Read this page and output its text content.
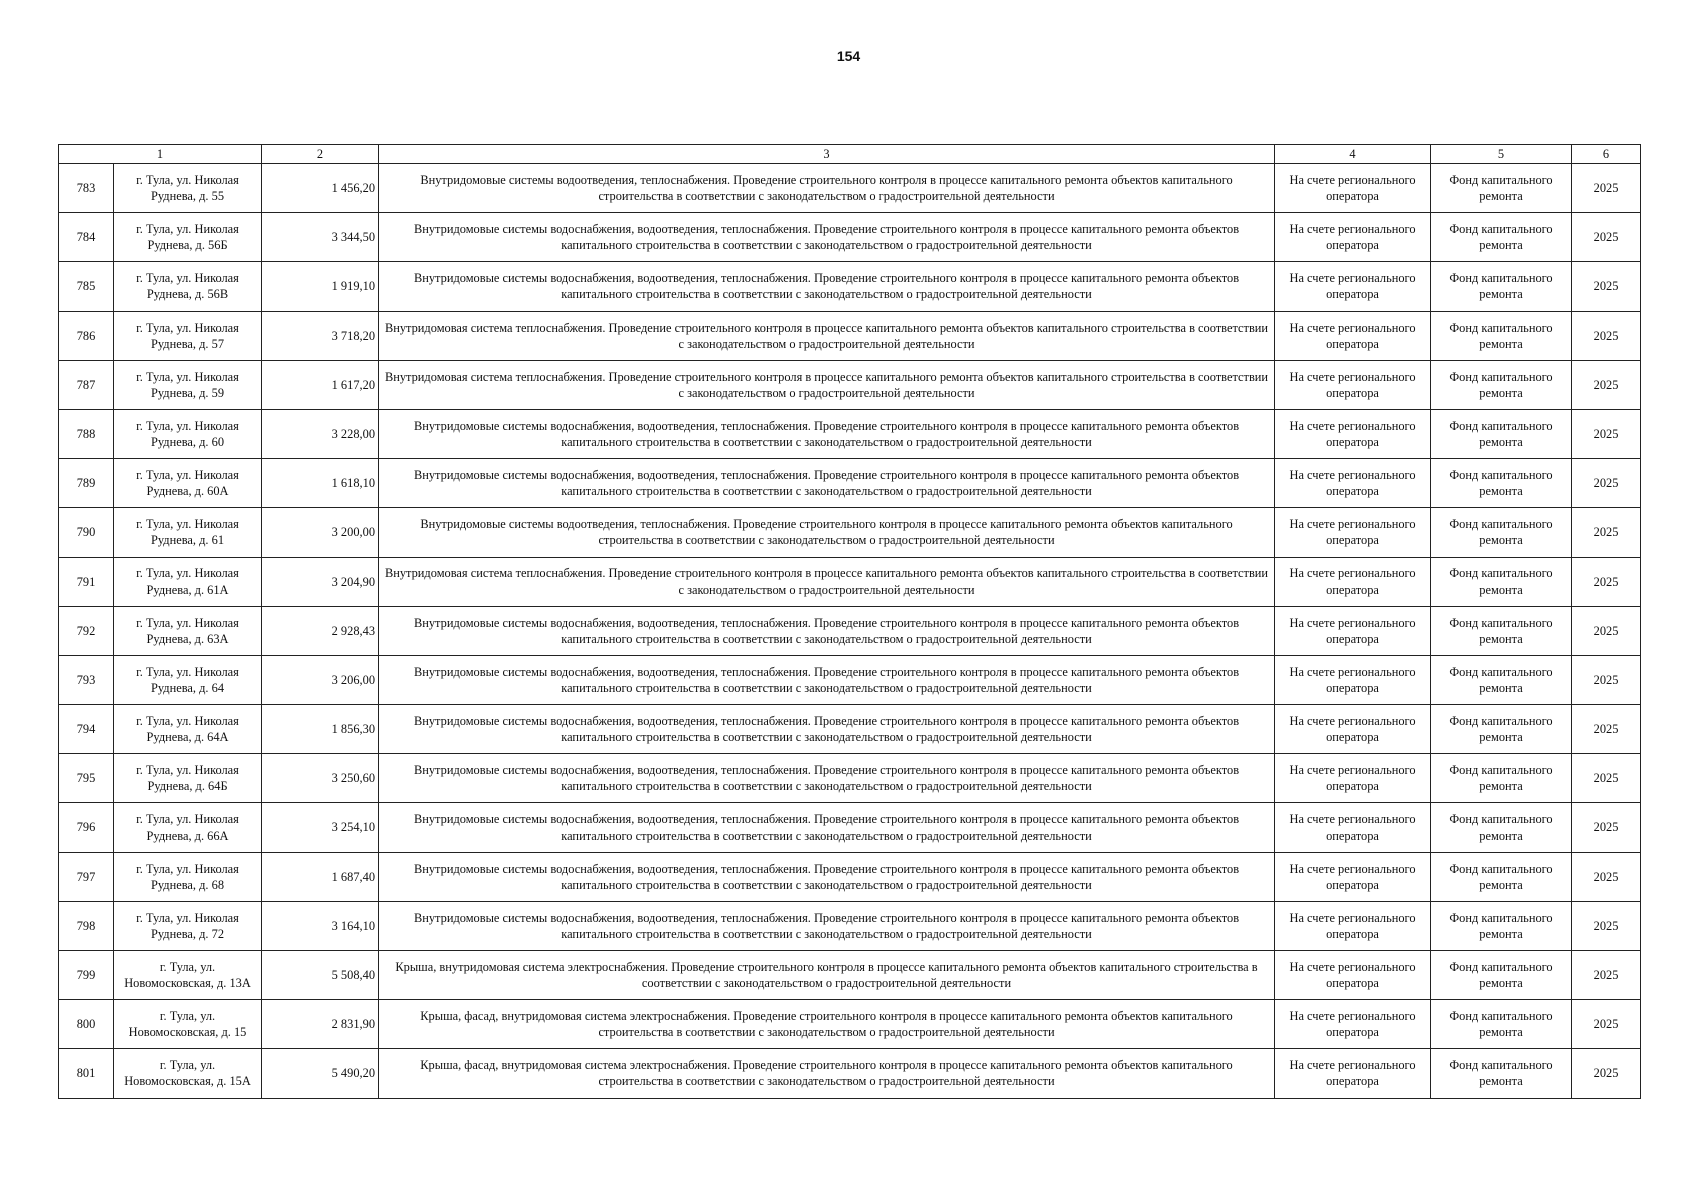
154
1		2	3	4	5	6
783	г. Тула, ул. Николая Руднева, д. 55	1 456,20	Внутридомовые системы водоотведения, теплоснабжения. Проведение строительного контроля в процессе капитального ремонта объектов капитального строительства в соответствии с законодательством о градостроительной деятельности	На счете регионального оператора	Фонд капитального ремонта	2025
784	г. Тула, ул. Николая Руднева, д. 56Б	3 344,50	Внутридомовые системы водоснабжения, водоотведения, теплоснабжения. Проведение строительного контроля в процессе капитального ремонта объектов капитального строительства в соответствии с законодательством о градостроительной деятельности	На счете регионального оператора	Фонд капитального ремонта	2025
785	г. Тула, ул. Николая Руднева, д. 56В	1 919,10	Внутридомовые системы водоснабжения, водоотведения, теплоснабжения. Проведение строительного контроля в процессе капитального ремонта объектов капитального строительства в соответствии с законодательством о градостроительной деятельности	На счете регионального оператора	Фонд капитального ремонта	2025
786	г. Тула, ул. Николая Руднева, д. 57	3 718,20	Внутридомовая система теплоснабжения. Проведение строительного контроля в процессе капитального ремонта объектов капитального строительства в соответствии с законодательством о градостроительной деятельности	На счете регионального оператора	Фонд капитального ремонта	2025
787	г. Тула, ул. Николая Руднева, д. 59	1 617,20	Внутридомовая система теплоснабжения. Проведение строительного контроля в процессе капитального ремонта объектов капитального строительства в соответствии с законодательством о градостроительной деятельности	На счете регионального оператора	Фонд капитального ремонта	2025
788	г. Тула, ул. Николая Руднева, д. 60	3 228,00	Внутридомовые системы водоснабжения, водоотведения, теплоснабжения. Проведение строительного контроля в процессе капитального ремонта объектов капитального строительства в соответствии с законодательством о градостроительной деятельности	На счете регионального оператора	Фонд капитального ремонта	2025
789	г. Тула, ул. Николая Руднева, д. 60А	1 618,10	Внутридомовые системы водоснабжения, водоотведения, теплоснабжения. Проведение строительного контроля в процессе капитального ремонта объектов капитального строительства в соответствии с законодательством о градостроительной деятельности	На счете регионального оператора	Фонд капитального ремонта	2025
790	г. Тула, ул. Николая Руднева, д. 61	3 200,00	Внутридомовые системы водоотведения, теплоснабжения. Проведение строительного контроля в процессе капитального ремонта объектов капитального строительства в соответствии с законодательством о градостроительной деятельности	На счете регионального оператора	Фонд капитального ремонта	2025
791	г. Тула, ул. Николая Руднева, д. 61А	3 204,90	Внутридомовая система теплоснабжения. Проведение строительного контроля в процессе капитального ремонта объектов капитального строительства в соответствии с законодательством о градостроительной деятельности	На счете регионального оператора	Фонд капитального ремонта	2025
792	г. Тула, ул. Николая Руднева, д. 63А	2 928,43	Внутридомовые системы водоснабжения, водоотведения, теплоснабжения. Проведение строительного контроля в процессе капитального ремонта объектов капитального строительства в соответствии с законодательством о градостроительной деятельности	На счете регионального оператора	Фонд капитального ремонта	2025
793	г. Тула, ул. Николая Руднева, д. 64	3 206,00	Внутридомовые системы водоснабжения, водоотведения, теплоснабжения. Проведение строительного контроля в процессе капитального ремонта объектов капитального строительства в соответствии с законодательством о градостроительной деятельности	На счете регионального оператора	Фонд капитального ремонта	2025
794	г. Тула, ул. Николая Руднева, д. 64А	1 856,30	Внутридомовые системы водоснабжения, водоотведения, теплоснабжения. Проведение строительного контроля в процессе капитального ремонта объектов капитального строительства в соответствии с законодательством о градостроительной деятельности	На счете регионального оператора	Фонд капитального ремонта	2025
795	г. Тула, ул. Николая Руднева, д. 64Б	3 250,60	Внутридомовые системы водоснабжения, водоотведения, теплоснабжения. Проведение строительного контроля в процессе капитального ремонта объектов капитального строительства в соответствии с законодательством о градостроительной деятельности	На счете регионального оператора	Фонд капитального ремонта	2025
796	г. Тула, ул. Николая Руднева, д. 66А	3 254,10	Внутридомовые системы водоснабжения, водоотведения, теплоснабжения. Проведение строительного контроля в процессе капитального ремонта объектов капитального строительства в соответствии с законодательством о градостроительной деятельности	На счете регионального оператора	Фонд капитального ремонта	2025
797	г. Тула, ул. Николая Руднева, д. 68	1 687,40	Внутридомовые системы водоснабжения, водоотведения, теплоснабжения. Проведение строительного контроля в процессе капитального ремонта объектов капитального строительства в соответствии с законодательством о градостроительной деятельности	На счете регионального оператора	Фонд капитального ремонта	2025
798	г. Тула, ул. Николая Руднева, д. 72	3 164,10	Внутридомовые системы водоснабжения, водоотведения, теплоснабжения. Проведение строительного контроля в процессе капитального ремонта объектов капитального строительства в соответствии с законодательством о градостроительной деятельности	На счете регионального оператора	Фонд капитального ремонта	2025
799	г. Тула, ул. Новомосковская, д. 13А	5 508,40	Крыша, внутридомовая система электроснабжения. Проведение строительного контроля в процессе капитального ремонта объектов капитального строительства в соответствии с законодательством о градостроительной деятельности	На счете регионального оператора	Фонд капитального ремонта	2025
800	г. Тула, ул. Новомосковская, д. 15	2 831,90	Крыша, фасад, внутридомовая система электроснабжения. Проведение строительного контроля в процессе капитального ремонта объектов капитального строительства в соответствии с законодательством о градостроительной деятельности	На счете регионального оператора	Фонд капитального ремонта	2025
801	г. Тула, ул. Новомосковская, д. 15А	5 490,20	Крыша, фасад, внутридомовая система электроснабжения. Проведение строительного контроля в процессе капитального ремонта объектов капитального строительства в соответствии с законодательством о градостроительной деятельности	На счете регионального оператора	Фонд капитального ремонта	2025
